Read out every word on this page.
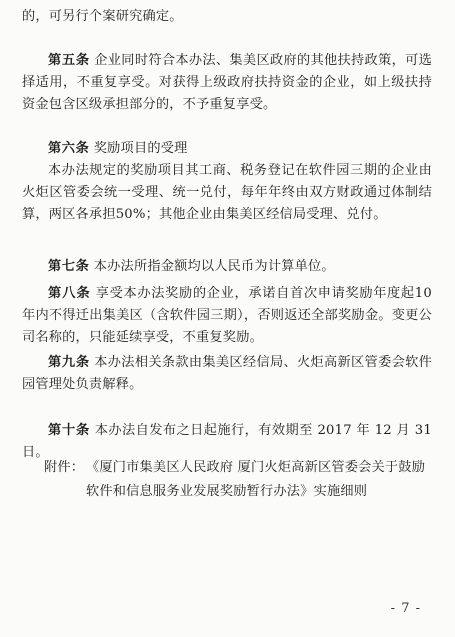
的，可另行个案研究确定。

第五条 企业同时符合本办法、集美区政府的其他扶持政策，可选择适用，不重复享受。对获得上级政府扶持资金的企业，如上级扶持资金包含区级承担部分的，不予重复享受。

第六条 奖励项目的受理

本办法规定的奖励项目其工商、税务登记在软件园三期的企业由火炬区管委会统一受理、统一兑付，每年年终由双方财政通过体制结算，两区各承担50%；其他企业由集美区经信局受理、兑付。

第七条 本办法所指金额均以人民币为计算单位。

第八条 享受本办法奖励的企业，承诺自首次申请奖励年度起10年内不得迁出集美区（含软件园三期），否则返还全部奖励金。变更公司名称的，只能延续享受，不重复奖励。

第九条 本办法相关条款由集美区经信局、火炬高新区管委会软件园管理处负责解释。

第十条 本办法自发布之日起施行，有效期至 2017 年 12 月 31 日。

附件： 《厦门市集美区人民政府 厦门火炬高新区管委会关于鼓励软件和信息服务业发展奖励暂行办法》实施细则
- 7 -
